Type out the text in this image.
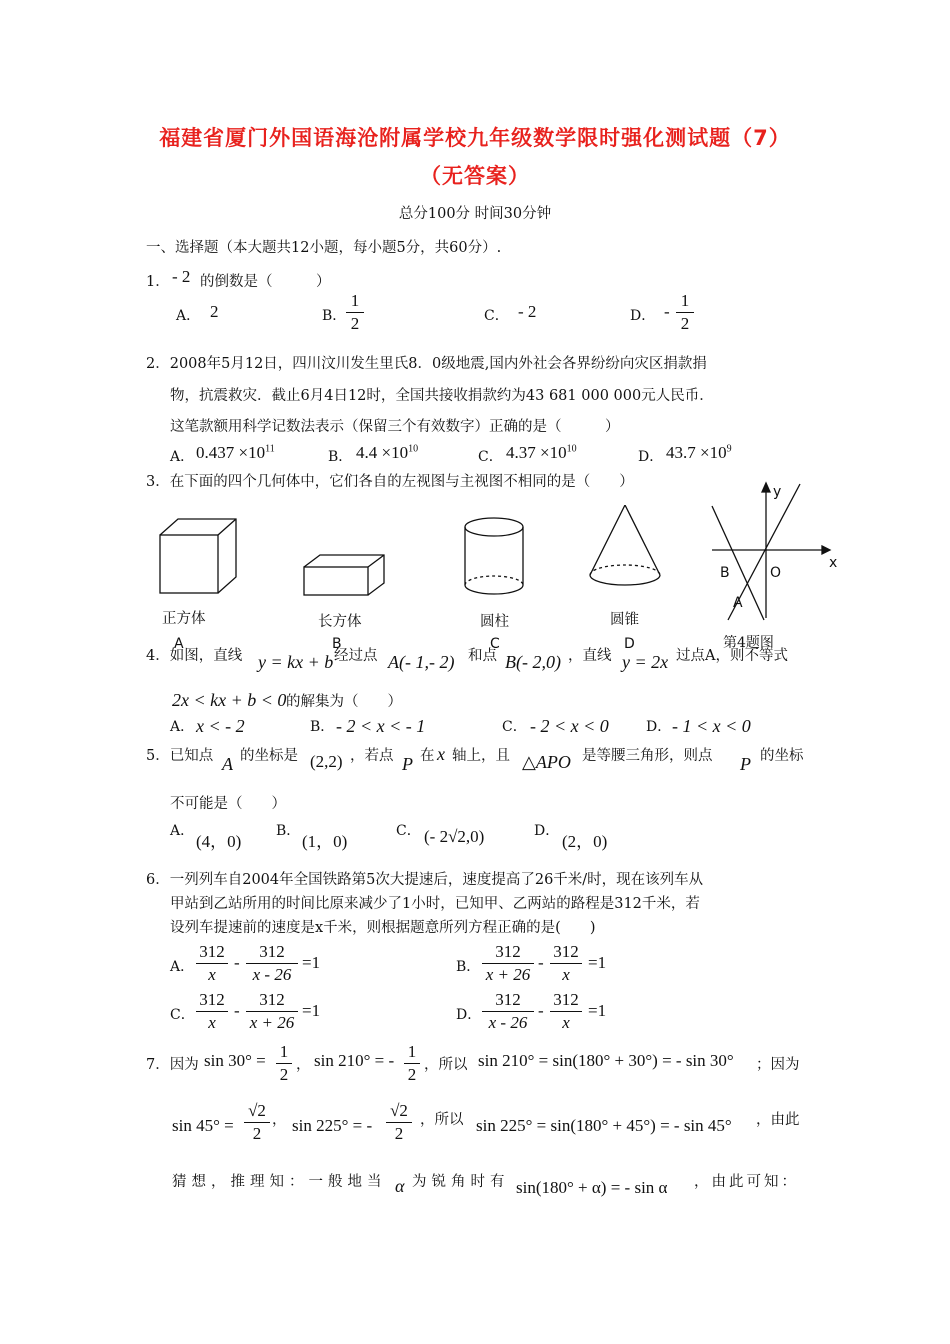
福建省厦门外国语海沧附属学校九年级数学限时强化测试题（7）
（无答案）
总分100分 时间30分钟
一、选择题（本大题共12小题，每小题5分，共60分）.
1． - 2 的倒数是（　　　）
A． 2	B． $\frac{1}{2}$	C． - 2	D． - $\frac{1}{2}$
2．2008年5月12日，四川汶川发生里氏8．0级地震,国内外社会各界纷纷向灾区捐款捐
物，抗震救灾．截止6月4日12时，全国共接收捐款约为43 681 000 000元人民币．
这笔款额用科学记数法表示（保留三个有效数字）正确的是（　　　）
A． $0.437 \times 10^{11}$
B． $4.4 \times 10^{10}$
C． $4.37 \times 10^{10}$
D． $43.7 \times 10^9$
3．在下面的四个几何体中，它们各自的左视图与主视图不相同的是（　　）
正方体
A
长方体
B
圆柱
C
圆锥
D
y
x
B	O
A
第4题图
4．如图，直线 y = kx + b 经过点 A(- 1,- 2) 和点 B(- 2,0) ，直线 y = 2x 过点A，则不等式
2x < kx + b < 0 的解集为（　　）
A． x < - 2	B． - 2 < x < - 1	C． - 2 < x < 0	D． - 1 < x < 0
5．已知点 A 的坐标是 (2,2) ，若点 P 在 x 轴上，且 △APO 是等腰三角形，则点 P 的坐标
不可能是（　　）
A．
(4，0)
B．
(1，0)
C． (- 2√2,0)	D．
(2，0)
6．一列列车自2004年全国铁路第5次大提速后，速度提高了26千米/时，现在该列车从
甲站到乙站所用的时间比原来减少了1小时，已知甲、乙两站的路程是312千米，若
设列车提速前的速度是x千米，则根据题意所列方程正确的是(　　)
A． $\frac{312}{x} - \frac{312}{x - 26} =1$	B． $\frac{312}{x + 26} - \frac{312}{x} =1$
C． $\frac{312}{x} - \frac{312}{x + 26} =1$	D． $\frac{312}{x - 26} - \frac{312}{x} =1$
7．因为 $\sin 30^\circ = \frac{1}{2}$ ， sin 210° = - $\frac{1}{2}$ ，所以 sin 210° = sin(180° + 30°) = - sin 30° ；因为
$\sin 45^\circ = \frac{√2}{2}$ ， sin 225° = - $\frac{√2}{2}$ ，所以 sin 225° = sin(180° + 45°) = - sin 45° ，由此
猜想，推理知：一般地当 α 为锐角时有 sin(180° + α) = - sin α ，由此可知：
